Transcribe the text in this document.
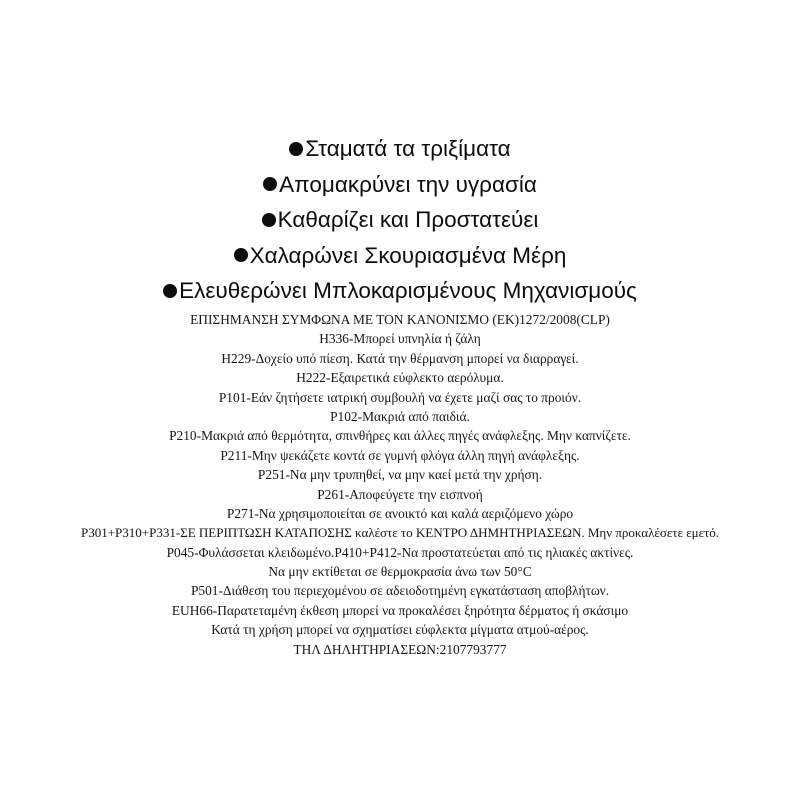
Σταματά τα τριξίματα
Απομακρύνει την υγρασία
Καθαρίζει και Προστατεύει
Χαλαρώνει Σκουριασμένα Μέρη
Ελευθερώνει Μπλοκαρισμένους Μηχανισμούς
ΕΠΙΣΗΜΑΝΣΗ ΣΥΜΦΩΝΑ ΜΕ ΤΟΝ ΚΑΝΟΝΙΣΜΟ (ΕΚ)1272/2008(CLP)
Η336-Μπορεί υπνηλία ή ζάλη
Η229-Δοχείο υπό πίεση. Κατά την θέρμανση μπορεί να διαρραγεί.
Η222-Εξαιρετικά εύφλεκτο αερόλυμα.
Ρ101-Εάν ζητήσετε ιατρική συμβουλή να έχετε μαζί σας το προιόν.
Ρ102-Μακριά από παιδιά.
Ρ210-Μακριά από θερμότητα, σπινθήρες και άλλες πηγές ανάφλεξης. Μην καπνίζετε.
Ρ211-Μην ψεκάζετε κοντά σε γυμνή φλόγα άλλη πηγή ανάφλεξης.
Ρ251-Να μην τρυπηθεί, να μην καεί μετά την χρήση.
Ρ261-Αποφεύγετε την εισπνοή
Ρ271-Να χρησιμοποιείται σε ανοικτό και καλά αεριζόμενο χώρο
Ρ301+Ρ310+Ρ331-ΣΕ ΠΕΡΙΠΤΩΣΗ ΚΑΤΑΠΟΣΗΣ καλέστε το ΚΕΝΤΡΟ ΔΗΜΗΤΗΡΙΑΣΕΩΝ. Μην προκαλέσετε εμετό.
Ρ045-Φυλάσσεται κλειδωμένο.Ρ410+Ρ412-Να προστατεύεται από τις ηλιακές ακτίνες.
Να μην εκτίθεται σε θερμοκρασία άνω των 50°C
Ρ501-Διάθεση του περιεχομένου σε αδειοδοτημένη εγκατάσταση αποβλήτων.
EUH66-Παρατεταμένη έκθεση μπορεί να προκαλέσει ξηρότητα δέρματος ή σκάσιμο
Κατά τη χρήση μπορεί να σχηματίσει εύφλεκτα μίγματα ατμού-αέρος.
ΤΗΛ ΔΗΛΗΤΗΡΙΑΣΕΩΝ:2107793777
